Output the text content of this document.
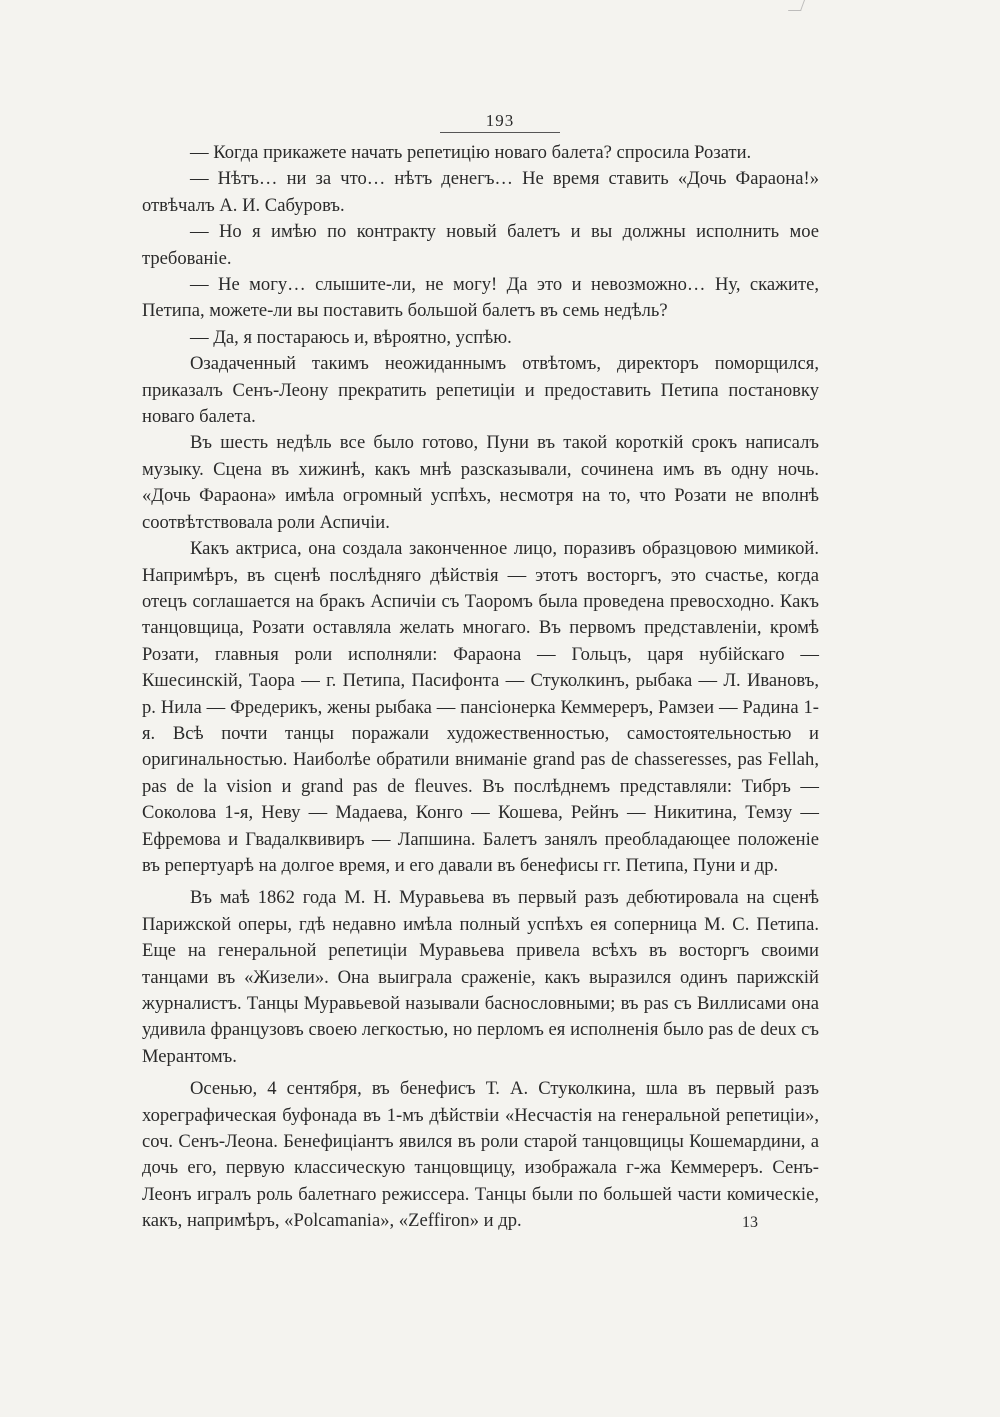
193

— Когда прикажете начать репетицію новаго балета? спросила Розати.

— Нѣтъ… ни за что… нѣтъ денегъ… Не время ставить «Дочь Фараона!» отвѣчалъ А. И. Сабуровъ.

— Но я имѣю по контракту новый балетъ и вы должны исполнить мое требованіе.

— Не могу… слышите-ли, не могу! Да это и невозможно… Ну, скажите, Петипа, можете-ли вы поставить большой балетъ въ семь недѣль?

— Да, я постараюсь и, вѣроятно, успѣю.

Озадаченный такимъ неожиданнымъ отвѣтомъ, директоръ поморщился, приказалъ Сенъ-Леону прекратить репетиціи и предоставить Петипа постановку новаго балета.

Въ шесть недѣль все было готово, Пуни въ такой короткій срокъ написалъ музыку. Сцена въ хижинѣ, какъ мнѣ разсказывали, сочинена имъ въ одну ночь. «Дочь Фараона» имѣла огромный успѣхъ, несмотря на то, что Розати не вполнѣ соотвѣтствовала роли Аспичіи.

Какъ актриса, она создала законченное лицо, поразивъ образцовою мимикой. Напримѣръ, въ сценѣ послѣдняго дѣйствія — этотъ восторгъ, это счастье, когда отецъ соглашается на бракъ Аспичіи съ Таоромъ была проведена превосходно. Какъ танцовщица, Розати оставляла желать многаго. Въ первомъ представленіи, кромѣ Розати, главныя роли исполняли: Фараона — Гольцъ, царя нубійскаго — Кшесинскій, Таора — г. Петипа, Пасифонта — Стуколкинъ, рыбака — Л. Ивановъ, р. Нила — Фредерикъ, жены рыбака — пансіонерка Кеммереръ, Рамзеи — Радина 1-я. Всѣ почти танцы поражали художественностью, самостоятельностью и оригинальностью. Наиболѣе обратили вниманіе grand pas de chasseresses, pas Fellah, pas de la vision и grand pas de fleuves. Въ послѣднемъ представляли: Тибръ — Соколова 1-я, Неву — Мадаева, Конго — Кошева, Рейнъ — Никитина, Темзу — Ефремова и Гвадалквивиръ — Лапшина. Балетъ занялъ преобладающее положеніе въ репертуарѣ на долгое время, и его давали въ бенефисы гг. Петипа, Пуни и др.

Въ маѣ 1862 года М. Н. Муравьева въ первый разъ дебютировала на сценѣ Парижской оперы, гдѣ недавно имѣла полный успѣхъ ея соперница М. С. Петипа. Еще на генеральной репетиціи Муравьева привела всѣхъ въ восторгъ своими танцами въ «Жизели». Она выиграла сраженіе, какъ выразился одинъ парижскій журналистъ. Танцы Муравьевой называли баснословными; въ pas съ Виллисами она удивила французовъ своею легкостью, но перломъ ея исполненія было pas de deux съ Мерантомъ.

Осенью, 4 сентября, въ бенефисъ Т. А. Стуколкина, шла въ первый разъ хореграфическая буфонада въ 1-мъ дѣйствіи «Несчастія на генеральной репетиціи», соч. Сенъ-Леона. Бенефиціантъ явился въ роли старой танцовщицы Кошемардини, а дочь его, первую классическую танцовщицу, изображала г-жа Кеммереръ. Сенъ-Леонъ игралъ роль балетнаго режиссера. Танцы были по большей части комическіе, какъ, напримѣръ, «Polcamania», «Zeffiron» и др.	13
